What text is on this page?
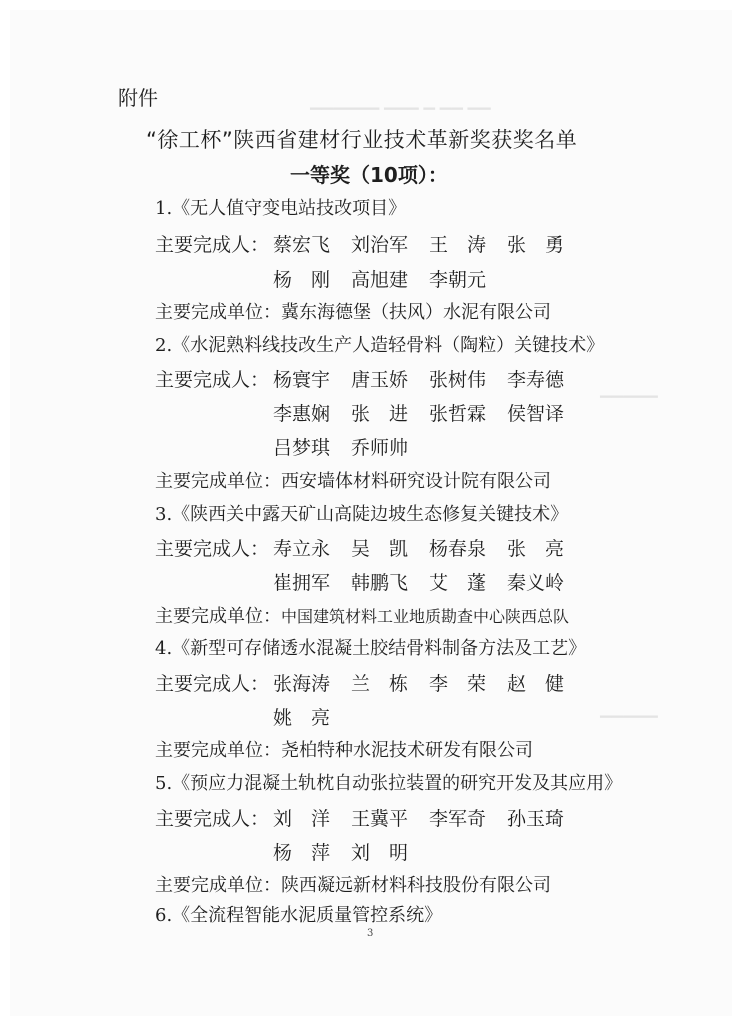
▁▁▁▁▁▁ ▁▁▁ ▁ ▁▁ ▁▁
▁▁▁▁▁
▁▁▁▁▁
附件
“徐工杯”陕西省建材行业技术革新奖获奖名单
一等奖（10项）：
1.《无人值守变电站技改项目》
主要完成人： 蔡宏飞 刘治军 王　涛 张　勇
杨　刚 高旭建 李朝元
主要完成单位：冀东海德堡（扶风）水泥有限公司
2.《水泥熟料线技改生产人造轻骨料（陶粒）关键技术》
主要完成人： 杨寰宇 唐玉娇 张树伟 李寿德
李惠娴 张　进 张哲霖 侯智译
吕梦琪 乔师帅
主要完成单位：西安墙体材料研究设计院有限公司
3.《陕西关中露天矿山高陡边坡生态修复关键技术》
主要完成人： 寿立永 吴　凯 杨春泉 张　亮
崔拥军 韩鹏飞 艾　蓬 秦义岭
主要完成单位：中国建筑材料工业地质勘查中心陕西总队
4.《新型可存储透水混凝土胶结骨料制备方法及工艺》
主要完成人： 张海涛 兰　栋 李　荣 赵　健
姚　亮
主要完成单位：尧柏特种水泥技术研发有限公司
5.《预应力混凝土轨枕自动张拉装置的研究开发及其应用》
主要完成人： 刘　洋 王冀平 李军奇 孙玉琦
杨　萍 刘　明
主要完成单位：陕西凝远新材料科技股份有限公司
6.《全流程智能水泥质量管控系统》
3
